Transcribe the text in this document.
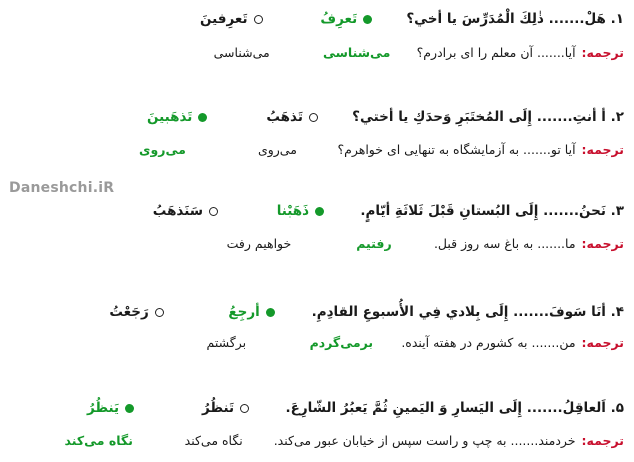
Daneshchi.iR
۱. هَلْ....... ذٰلِكَ الْمُدَرِّسَ یا أخي؟
تَعرِفینَ	تَعرِفُ
ترجمه:
آیا....... آن معلم را ای برادرم؟
می‌شناسی	می‌شناسی
۲. أ أنتِ....... إِلَی المُختَبَرِ وَحدَكِ یا أختي؟
تَذهَبینَ	تَذهَبُ
ترجمه:
آیا تو....... به آزمایشگاه به تنهایی ای خواهرم؟
می‌روی	می‌روی
۳. نَحنُ....... إِلَی البُستانِ قَبْلَ ثَلاثَةِ أیّامٍ.
سَنَذهَبُ	ذَهَبْنا
ترجمه:
ما....... به باغ سه روز قبل.
خواهیم رفت	رفتیم
۴. أنَا سَوفَ....... إِلَی بِلادي فِي الأُسبوعِ القادِمِ.
رَجَعْتُ	أرجِعُ
ترجمه:
من....... به کشورم در هفته آینده.
برگشتم	برمی‌گردم
۵. اَلعاقِلُ....... إِلَی الیَسارِ وَ الیَمینِ ثُمَّ یَعبُرُ الشّارِعَ.
یَنظُرُ	تَنظُرُ
ترجمه:
خردمند....... به چپ و راست سپس از خیابان عبور می‌کند.
نگاه می‌کند	نگاه می‌کند
